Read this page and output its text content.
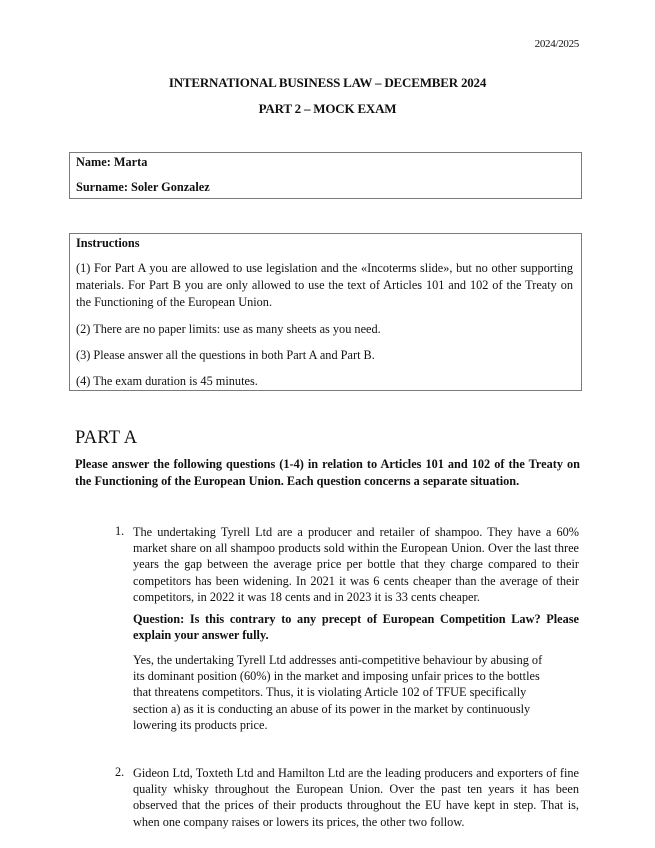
2024/2025
INTERNATIONAL BUSINESS LAW – DECEMBER 2024
PART 2 – MOCK EXAM
Name: Marta
Surname: Soler Gonzalez
Instructions
(1) For Part A you are allowed to use legislation and the «Incoterms slide», but no other supporting materials. For Part B you are only allowed to use the text of Articles 101 and 102 of the Treaty on the Functioning of the European Union.
(2) There are no paper limits: use as many sheets as you need.
(3) Please answer all the questions in both Part A and Part B.
(4) The exam duration is 45 minutes.
PART A
Please answer the following questions (1-4) in relation to Articles 101 and 102 of the Treaty on the Functioning of the European Union. Each question concerns a separate situation.
1. The undertaking Tyrell Ltd are a producer and retailer of shampoo. They have a 60% market share on all shampoo products sold within the European Union. Over the last three years the gap between the average price per bottle that they charge compared to their competitors has been widening. In 2021 it was 6 cents cheaper than the average of their competitors, in 2022 it was 18 cents and in 2023 it is 33 cents cheaper.
Question: Is this contrary to any precept of European Competition Law? Please explain your answer fully.
Yes, the undertaking Tyrell Ltd addresses anti-competitive behaviour by abusing of its dominant position (60%) in the market and imposing unfair prices to the bottles that threatens competitors. Thus, it is violating Article 102 of TFUE specifically section a) as it is conducting an abuse of its power in the market by continuously lowering its products price.
2. Gideon Ltd, Toxteth Ltd and Hamilton Ltd are the leading producers and exporters of fine quality whisky throughout the European Union. Over the past ten years it has been observed that the prices of their products throughout the EU have kept in step. That is, when one company raises or lowers its prices, the other two follow.
